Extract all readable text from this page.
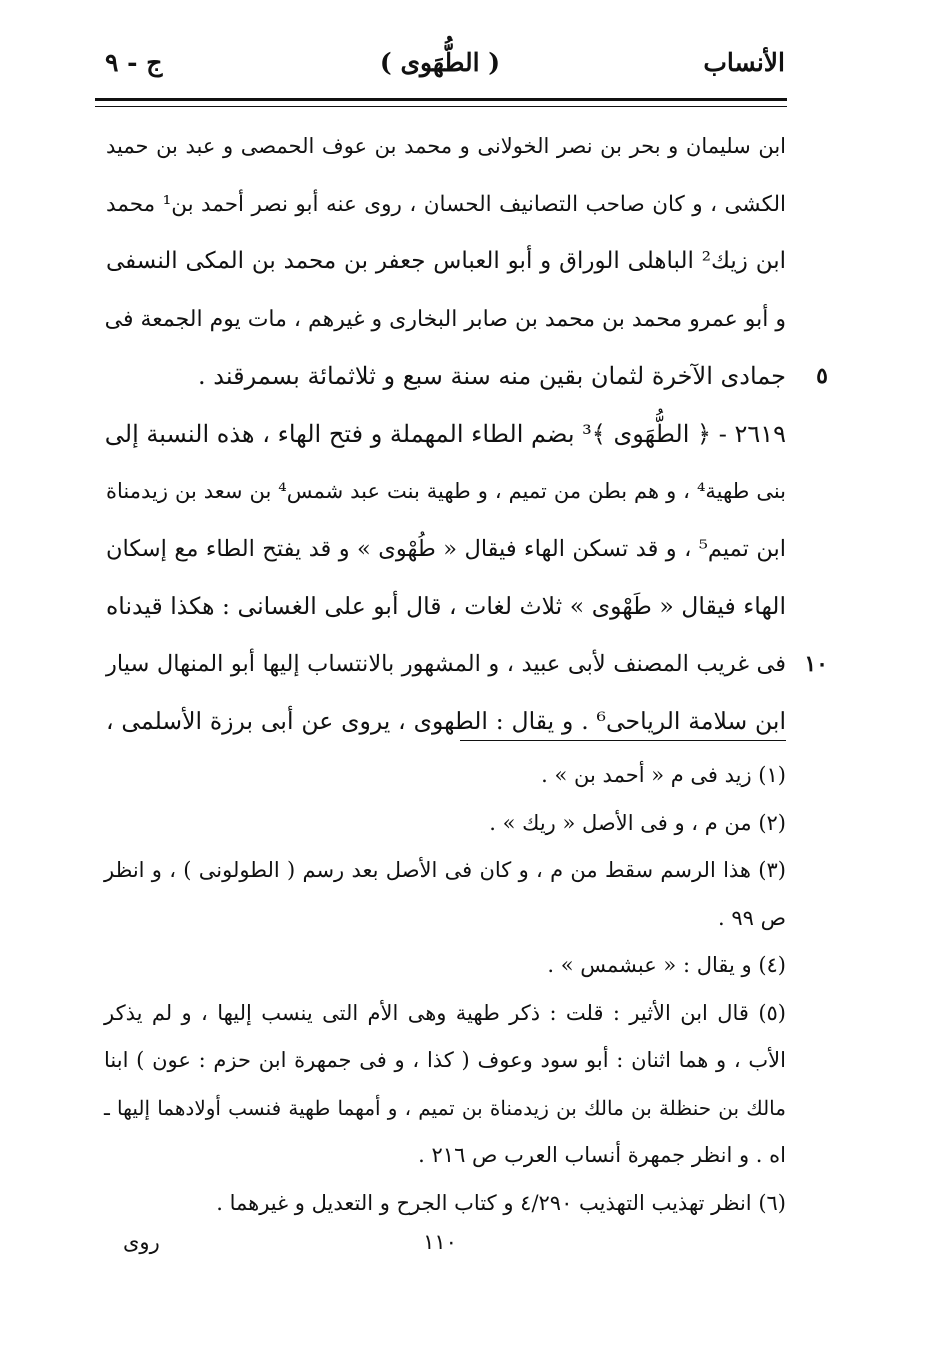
الأنساب
( الطُّهَوى )
ج - ٩
ابن سليمان و بحر بن نصر الخولانى و محمد بن عوف الحمصى و عبد بن حميد
الكشى ، و كان صاحب التصانيف الحسان ، روى عنه أبو نصر أحمد بن¹ محمد
ابن زيك² الباهلى الوراق و أبو العباس جعفر بن محمد بن المكى النسفى
و أبو عمرو محمد بن محمد بن صابر البخارى و غيرهم ، مات يوم الجمعة فى
جمادى الآخرة لثمان بقين منه سنة سبع و ثلاثمائة بسمرقند . ٥
٢٦١٩ - ﴿ الطُّهَوى ﴾³ بضم الطاء المهملة و فتح الهاء ، هذه النسبة إلى
بنى طهية⁴ ، و هم بطن من تميم ، و طهية بنت عبد شمس⁴ بن سعد بن زيدمناة
ابن تميم⁵ ، و قد تسكن الهاء فيقال « طُهْوى » و قد يفتح الطاء مع إسكان
الهاء فيقال « طَهْوى » ثلاث لغات ، قال أبو على الغسانى : هكذا قيدناه
فى غريب المصنف لأبى عبيد ، و المشهور بالانتساب إليها أبو المنهال سيار ١٠
ابن سلامة الرياحى⁶ . و يقال : الطهوى ، يروى عن أبى برزة الأسلمى ،
(١) زيد فى م « أحمد بن » .
(٢) من م ، و فى الأصل « ريك » .
(٣) هذا الرسم سقط من م ، و كان فى الأصل بعد رسم ( الطولونى ) ، و انظر
ص ٩٩ .
(٤) و يقال : « عبشمس » .
(٥) قال ابن الأثير : قلت : ذكر طهية وهى الأم التى ينسب إليها ، و لم يذكر
الأب ، و هما اثنان : أبو سود وعوف ( كذا ، و فى جمهرة ابن حزم : عون ) ابنا
مالك بن حنظلة بن مالك بن زيدمناة بن تميم ، و أمهما طهية فنسب أولادهما إليها ـ
اه . و انظر جمهرة أنساب العرب ص ٢١٦ .
(٦) انظر تهذيب التهذيب ٤/٢٩٠ و كتاب الجرح و التعديل و غيرهما .
١١٠
روى
